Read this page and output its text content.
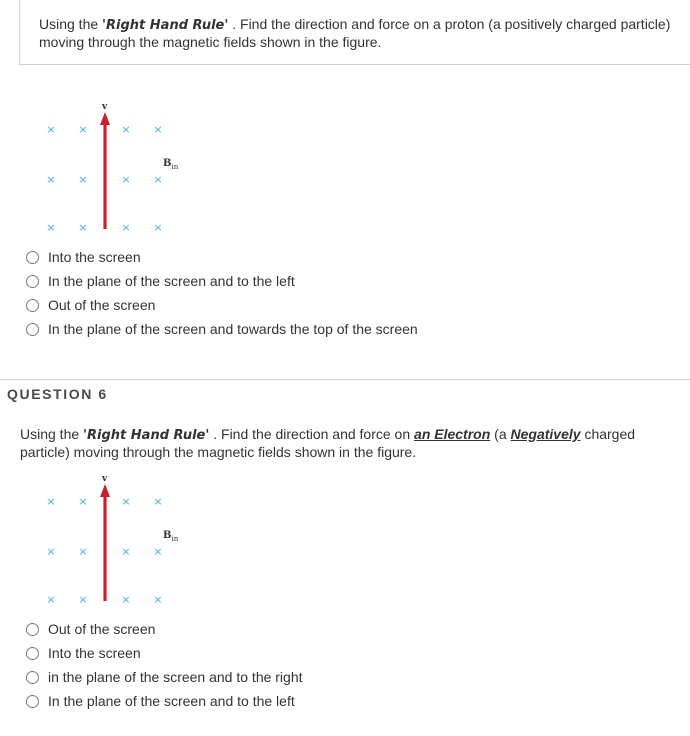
Using the 'Right Hand Rule' . Find the direction and force on a proton (a positively charged particle) moving through the magnetic fields shown in the figure.
× ×	× ×
× ×	× ×
× ×	× ×
v
$B_{in}$
Into the screen
In the plane of the screen and to the left
Out of the screen
In the plane of the screen and towards the top of the screen
QUESTION 6
Using the 'Right Hand Rule' . Find the direction and force on an Electron (a Negatively charged particle) moving through the magnetic fields shown in the figure.
× ×	× ×
× ×	× ×
× ×	× ×
v
$B_{in}$
Out of the screen
Into the screen
in the plane of the screen and to the right
In the plane of the screen and to the left
